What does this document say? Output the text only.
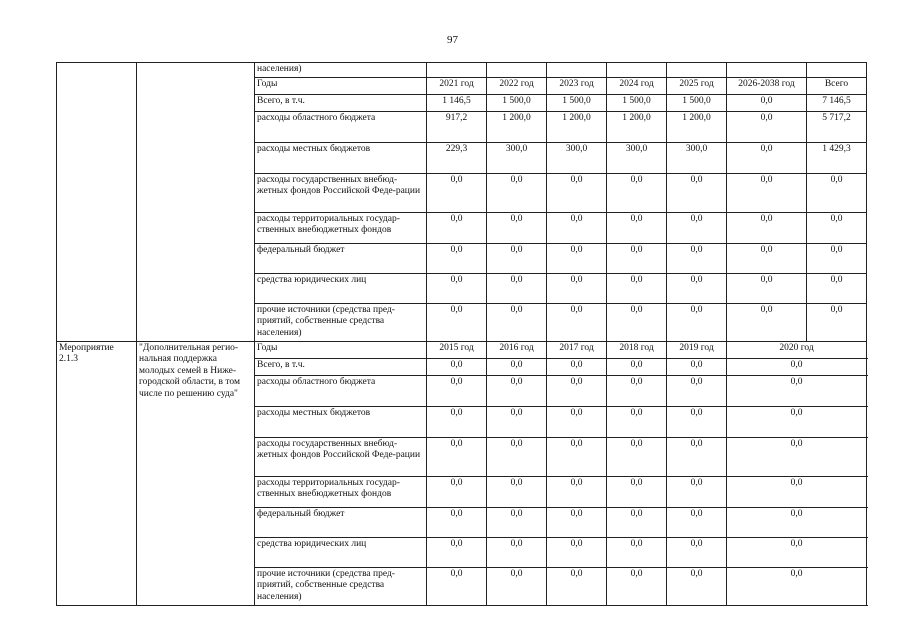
97
		населения)							
		Годы	2021 год	2022 год	2023 год	2024 год	2025 год	2026-2038 год	Всего
		Всего, в т.ч.	1 146,5	1 500,0	1 500,0	1 500,0	1 500,0	0,0	7 146,5
		расходы областного бюджета	917,2	1 200,0	1 200,0	1 200,0	1 200,0	0,0	5 717,2
		расходы местных бюджетов	229,3	300,0	300,0	300,0	300,0	0,0	1 429,3
		расходы государственных внебюд-жетных фондов Российской Феде-рации	0,0	0,0	0,0	0,0	0,0	0,0	0,0
		расходы территориальных государ-ственных внебюджетных фондов	0,0	0,0	0,0	0,0	0,0	0,0	0,0
		федеральный бюджет	0,0	0,0	0,0	0,0	0,0	0,0	0,0
		средства юридических лиц	0,0	0,0	0,0	0,0	0,0	0,0	0,0
		прочие источники (средства пред-приятий, собственные средства населения)	0,0	0,0	0,0	0,0	0,0	0,0	0,0
Мероприятие 2.1.3	"Дополнительная регио-нальная поддержка молодых семей в Ниже-городской области, в том числе по решению суда"	Годы	2015 год	2016 год	2017 год	2018 год	2019 год	2020 год	
		Всего, в т.ч.	0,0	0,0	0,0	0,0	0,0	0,0	
		расходы областного бюджета	0,0	0,0	0,0	0,0	0,0	0,0	
		расходы местных бюджетов	0,0	0,0	0,0	0,0	0,0	0,0	
		расходы государственных внебюд-жетных фондов Российской Феде-рации	0,0	0,0	0,0	0,0	0,0	0,0	
		расходы территориальных государ-ственных внебюджетных фондов	0,0	0,0	0,0	0,0	0,0	0,0	
		федеральный бюджет	0,0	0,0	0,0	0,0	0,0	0,0	
		средства юридических лиц	0,0	0,0	0,0	0,0	0,0	0,0	
		прочие источники (средства пред-приятий, собственные средства населения)	0,0	0,0	0,0	0,0	0,0	0,0	
